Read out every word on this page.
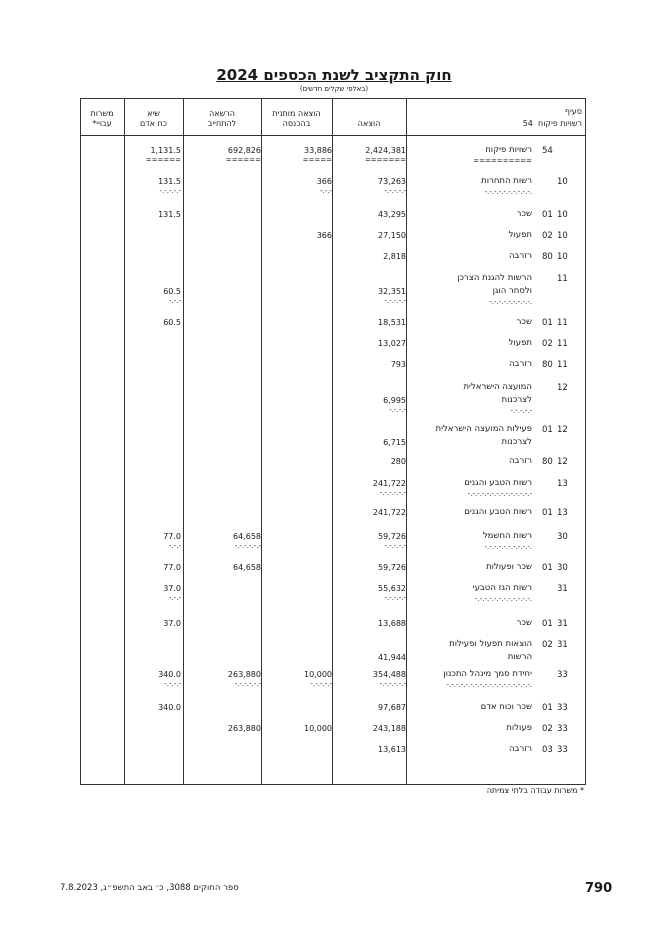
חוק התקציב לשנת הכספים 2024
(באלפי שקלים חדשים)
משרות
עבויי*
שיא
כח אדם
הרשאה
להתחייב
הוצאה מותנית
בהכנסה	הוצאה
סעיף
רשויות פיקוח  54
54
רשויות פיקוח
==========
2,424,381
=======
33,886
=====
692,826
======
1,131.5
======
10
רשות התחרות
-.-.-.-.-.-.-.-.-.-.
73,263
-.-.-.-.-
366
-.-.-
131.5
-.-.-.-.-
01 10
שכר
43,295
131.5
02 10
תפעול
27,150
366
80 10
רזרבה
2,818
11
הרשות להגנת הצרכן
ולסחר הוגן
-.-.-.-.-.-.-.-.-.
32,351
-.-.-.-.-
60.5
-.-.-
01 11
שכר
18,531
60.5
02 11
תפעול
13,027
80 11
רזרבה
793
12
המועצה הישראלית
לצרכנות
-.-.-.-.-
6,995
-.-.-.-
01 12
פעילות המועצה הישראלית
לצרכנות
6,715
80 12
רזרבה
280
13
רשות הטבע והגנים
-.-.-.-.-.-.-.-.-.-.-.-.-.-
241,722
-.-.-.-.-.-
01 13
רשות הטבע והגנים
241,722
30
רשות החשמל
-.-.-.-.-.-.-.-.-.-.
59,726
-.-.-.-.-
64,658
-.-.-.-.-.-
77.0
-.-.-
01 30
שכר ופעולות
59,726
64,658
77.0
31
רשות הגז הטבעי
-.-.-.-.-.-.-.-.-.-.-.-.
55,632
-.-.-.-.-
37.0
-.-.-
01 31
שכר
13,688
37.0
02 31
הוצאות תפעול ופעילות
הרשות
41,944
33
יחידת סמך מינהל התכנון
-.-.-.-.-.-.-.-.-.-.-.-.-.-.-.-.-.-.
354,488
-.-.-.-.-.-
10,000
-.-.-.-.-
263,880
-.-.-.-.-.-
340.0
-.-.-.-
01 33
שכר וכוח אדם
97,687
340.0
02 33
פעולות
243,188
10,000
263,880
03 33
רזרבה
13,613
* משרות עבודה בלתי צמיתה
ספר החוקים 3088, כ׳ באב התשפ״ג, 7.8.2023	790
